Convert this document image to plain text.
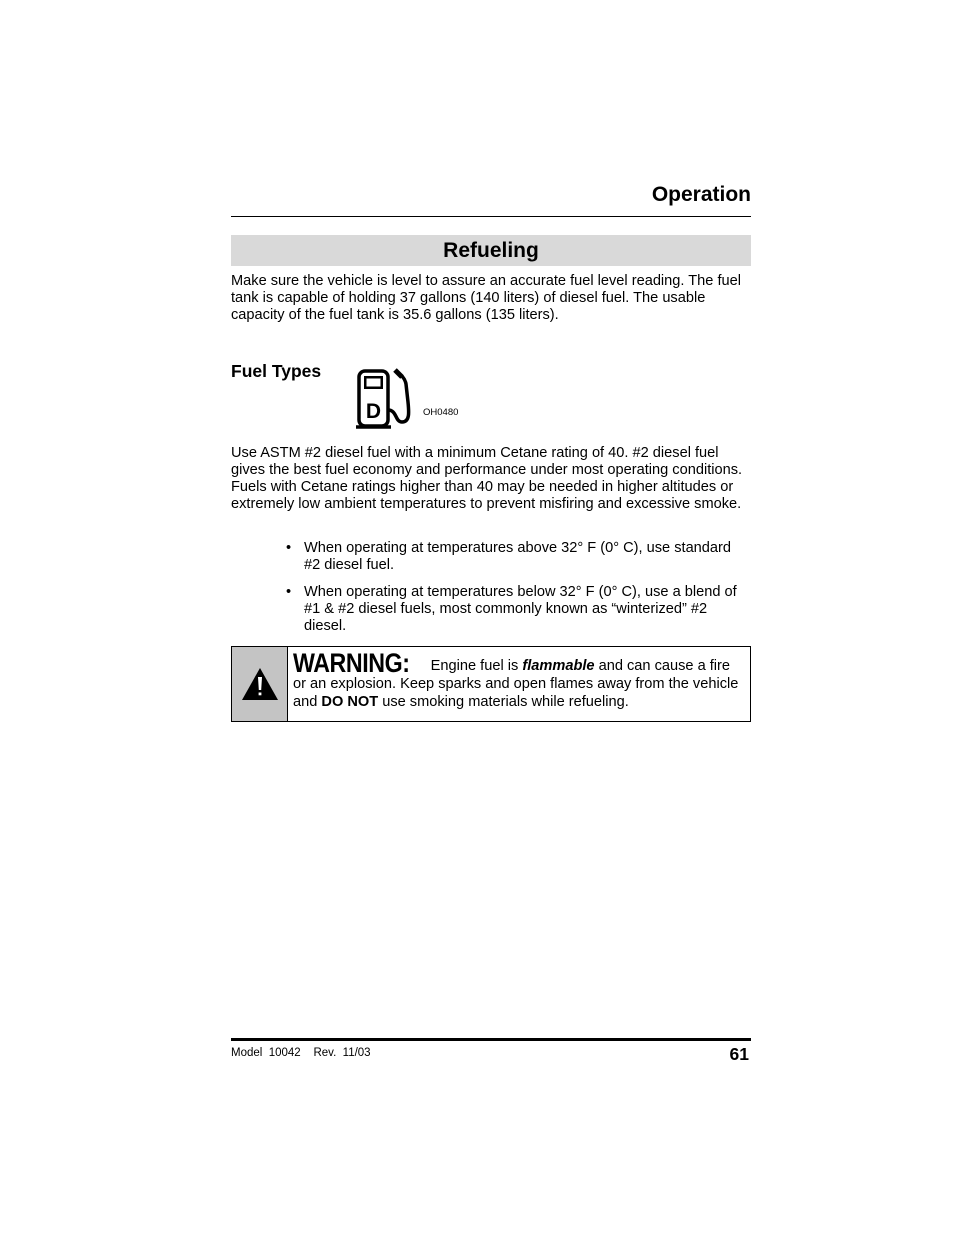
Operation
Refueling

Make sure the vehicle is level to assure an accurate fuel level reading. The fuel tank is capable of holding 37 gallons (140 liters) of diesel fuel. The usable capacity of the fuel tank is 35.6 gallons (135 liters).

Fuel Types
D	OH0480

Use ASTM #2 diesel fuel with a minimum Cetane rating of 40. #2 diesel fuel gives the best fuel economy and performance under most operating conditions. Fuels with Cetane ratings higher than 40 may be needed in higher altitudes or extremely low ambient temperatures to prevent misfiring and excessive smoke.

• When operating at temperatures above 32° F (0° C), use standard #2 diesel fuel.
• When operating at temperatures below 32° F (0° C), use a blend of #1 & #2 diesel fuels, most commonly known as “winterized” #2 diesel.
WARNING: Engine fuel is flammable and can cause a fire or an explosion. Keep sparks and open flames away from the vehicle and DO NOT use smoking materials while refueling.
Model  10042    Rev.  11/03	61
